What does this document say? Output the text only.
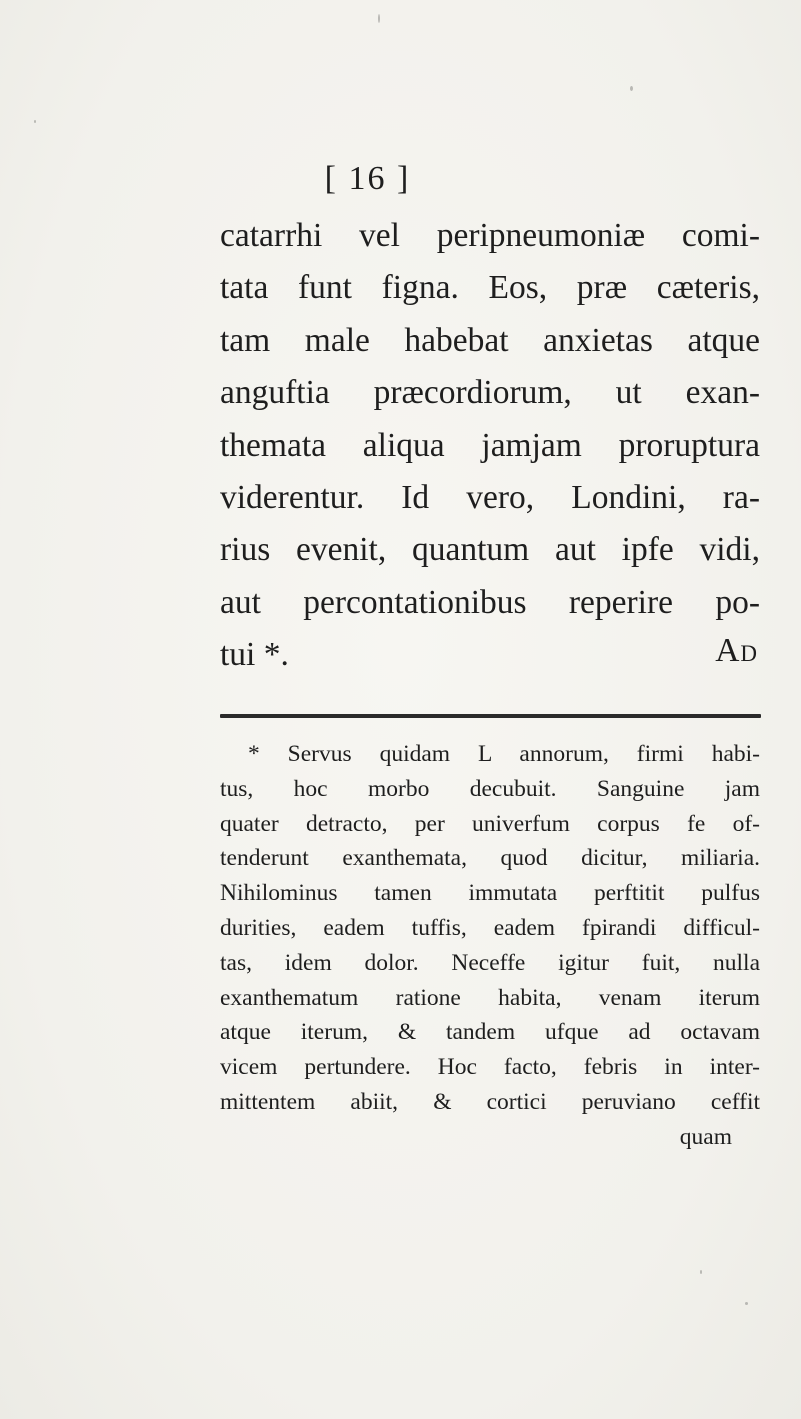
[ 16 ]
catarrhi vel peripneumoniæ comi-
tata funt figna. Eos, præ cæteris,
tam male habebat anxietas atque
anguftia præcordiorum, ut exan-
themata aliqua jamjam proruptura
viderentur. Id vero, Londini, ra-
rius evenit, quantum aut ipfe vidi,
aut percontationibus reperire po-
tui *.	Ad
* Servus quidam L annorum, firmi habi-
tus, hoc morbo decubuit. Sanguine jam
quater detracto, per univerfum corpus fe of-
tenderunt exanthemata, quod dicitur, miliaria.
Nihilominus tamen immutata perftitit pulfus
durities, eadem tuffis, eadem fpirandi difficul-
tas, idem dolor. Neceffe igitur fuit, nulla
exanthematum ratione habita, venam iterum
atque iterum, & tandem ufque ad octavam
vicem pertundere. Hoc facto, febris in inter-
mittentem abiit, & cortici peruviano ceffit
quam
